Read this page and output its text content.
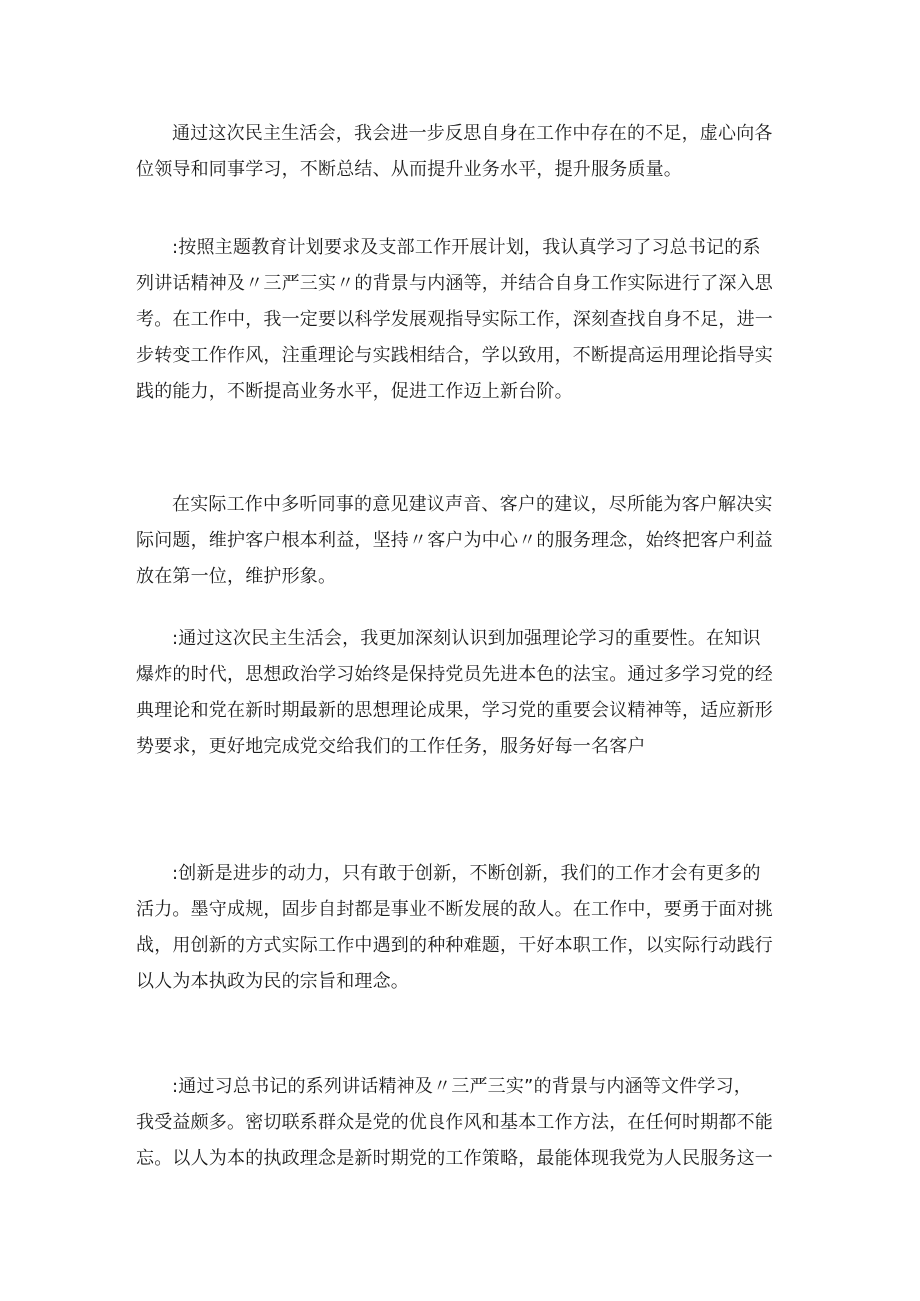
通过这次民主生活会，我会进一步反思自身在工作中存在的不足，虚心向各
位领导和同事学习，不断总结、从而提升业务水平，提升服务质量。

:按照主题教育计划要求及支部工作开展计划，我认真学习了习总书记的系
列讲话精神及〃三严三实〃的背景与内涵等，并结合自身工作实际进行了深入思
考。在工作中，我一定要以科学发展观指导实际工作，深刻查找自身不足，进一
步转变工作作风，注重理论与实践相结合，学以致用，不断提高运用理论指导实
践的能力，不断提高业务水平，促进工作迈上新台阶。

在实际工作中多听同事的意见建议声音、客户的建议，尽所能为客户解决实
际问题，维护客户根本利益，坚持〃客户为中心〃的服务理念，始终把客户利益
放在第一位，维护形象。

:通过这次民主生活会，我更加深刻认识到加强理论学习的重要性。在知识
爆炸的时代，思想政治学习始终是保持党员先进本色的法宝。通过多学习党的经
典理论和党在新时期最新的思想理论成果，学习党的重要会议精神等，适应新形
势要求，更好地完成党交给我们的工作任务，服务好每一名客户

:创新是进步的动力，只有敢于创新，不断创新，我们的工作才会有更多的
活力。墨守成规，固步自封都是事业不断发展的敌人。在工作中，要勇于面对挑
战，用创新的方式实际工作中遇到的种种难题，干好本职工作，以实际行动践行
以人为本执政为民的宗旨和理念。

:通过习总书记的系列讲话精神及〃三严三实”的背景与内涵等文件学习，
我受益颇多。密切联系群众是党的优良作风和基本工作方法，在任何时期都不能
忘。以人为本的执政理念是新时期党的工作策略，最能体现我党为人民服务这一
